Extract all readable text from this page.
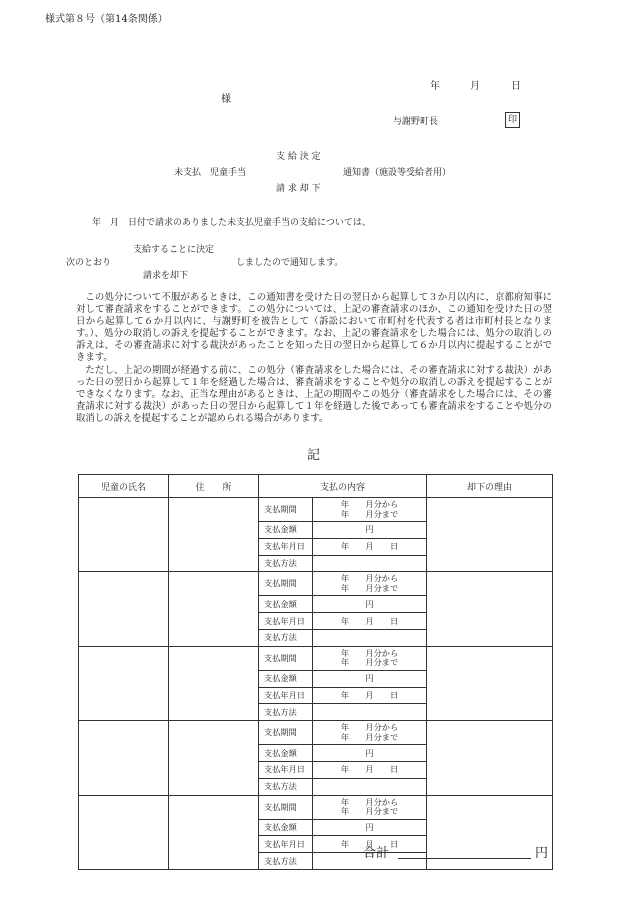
様式第８号（第14条関係）
年	月	日
様
与謝野町長	印
支 給 決 定
未支払　児童手当	通知書（施設等受給者用）
請 求 却 下
年　月　日付で請求のありました未支払児童手当の支給については、
支給することに決定
次のとおり	しましたので通知します。
請求を却下
この処分について不服があるときは、この通知書を受けた日の翌日から起算して３か月以内に、京都府知事に対して審査請求をすることができます。この処分については、上記の審査請求のほか、この通知を受けた日の翌日から起算して６か月以内に、与謝野町を被告として（訴訟において市町村を代表する者は市町村長となります。）、処分の取消しの訴えを提起することができます。なお、上記の審査請求をした場合には、処分の取消しの訴えは、その審査請求に対する裁決があったことを知った日の翌日から起算して６か月以内に提起することができます。
ただし、上記の期間が経過する前に、この処分（審査請求をした場合には、その審査請求に対する裁決）があった日の翌日から起算して１年を経過した場合は、審査請求をすることや処分の取消しの訴えを提起することができなくなります。なお、正当な理由があるときは、上記の期間やこの処分（審査請求をした場合には、その審査請求に対する裁決）があった日の翌日から起算して１年を経過した後であっても審査請求をすることや処分の取消しの訴えを提起することが認められる場合があります。
記
児童の氏名	住　　所	支払の内容		却下の理由
		支払期間	年　　月分から
年　　月分まで	

		支払金額	円	
		支払年月日	年　　月　　日	
		支払方法		
		支払期間	年　　月分から
年　　月分まで	

		支払金額	円	
		支払年月日	年　　月　　日	
		支払方法		
		支払期間	年　　月分から
年　　月分まで	

		支払金額	円	
		支払年月日	年　　月　　日	
		支払方法		
		支払期間	年　　月分から
年　　月分まで	

		支払金額	円	
		支払年月日	年　　月　　日	
		支払方法		
		支払期間	年　　月分から
年　　月分まで	

		支払金額	円	
		支払年月日	年　　月　　日	
		支払方法			合計	円
